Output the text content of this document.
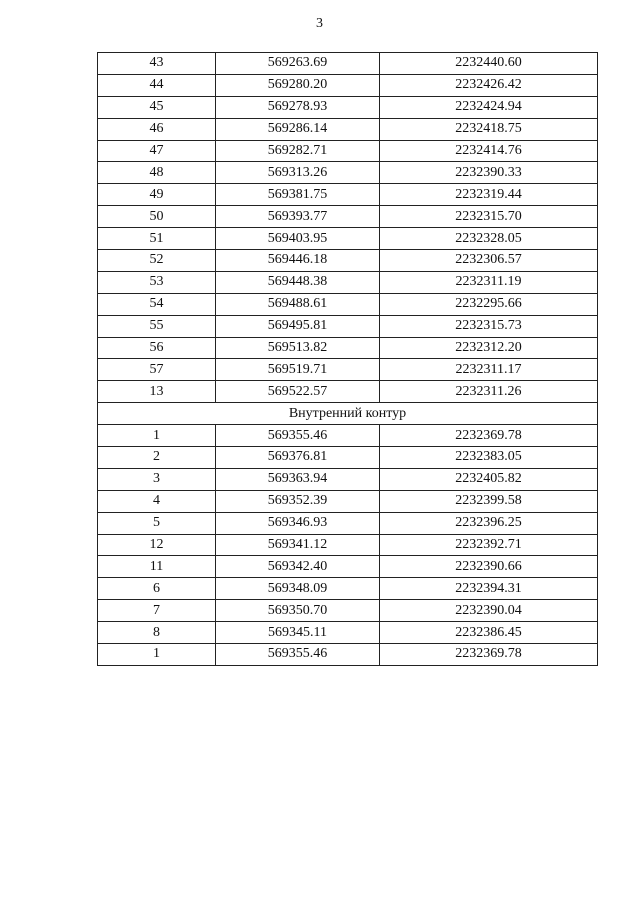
3
43	569263.69	2232440.60
44	569280.20	2232426.42
45	569278.93	2232424.94
46	569286.14	2232418.75
47	569282.71	2232414.76
48	569313.26	2232390.33
49	569381.75	2232319.44
50	569393.77	2232315.70
51	569403.95	2232328.05
52	569446.18	2232306.57
53	569448.38	2232311.19
54	569488.61	2232295.66
55	569495.81	2232315.73
56	569513.82	2232312.20
57	569519.71	2232311.17
13	569522.57	2232311.26
Внутренний контур		
1	569355.46	2232369.78
2	569376.81	2232383.05
3	569363.94	2232405.82
4	569352.39	2232399.58
5	569346.93	2232396.25
12	569341.12	2232392.71
11	569342.40	2232390.66
6	569348.09	2232394.31
7	569350.70	2232390.04
8	569345.11	2232386.45
1	569355.46	2232369.78
